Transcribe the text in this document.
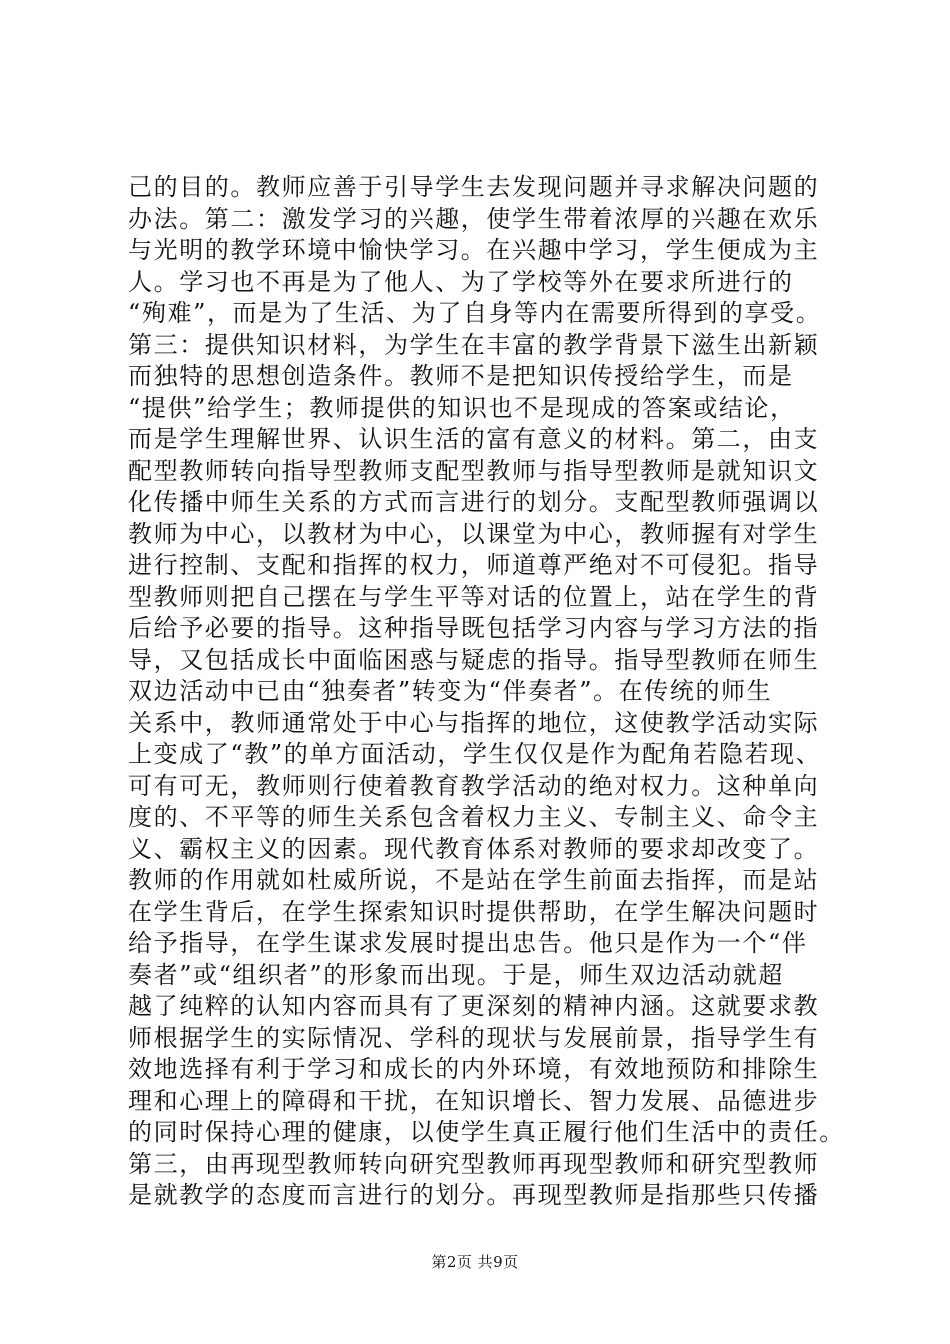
己的目的。教师应善于引导学生去发现问题并寻求解决问题的
办法。第二：激发学习的兴趣，使学生带着浓厚的兴趣在欢乐
与光明的教学环境中愉快学习。在兴趣中学习，学生便成为主
人。学习也不再是为了他人、为了学校等外在要求所进行的
“殉难”，而是为了生活、为了自身等内在需要所得到的享受。
第三：提供知识材料，为学生在丰富的教学背景下滋生出新颖
而独特的思想创造条件。教师不是把知识传授给学生，而是
“提供”给学生；教师提供的知识也不是现成的答案或结论，
而是学生理解世界、认识生活的富有意义的材料。第二，由支
配型教师转向指导型教师支配型教师与指导型教师是就知识文
化传播中师生关系的方式而言进行的划分。支配型教师强调以
教师为中心，以教材为中心，以课堂为中心，教师握有对学生
进行控制、支配和指挥的权力，师道尊严绝对不可侵犯。指导
型教师则把自己摆在与学生平等对话的位置上，站在学生的背
后给予必要的指导。这种指导既包括学习内容与学习方法的指
导，又包括成长中面临困惑与疑虑的指导。指导型教师在师生
双边活动中已由“独奏者”转变为“伴奏者”。在传统的师生
关系中，教师通常处于中心与指挥的地位，这使教学活动实际
上变成了“教”的单方面活动，学生仅仅是作为配角若隐若现、
可有可无，教师则行使着教育教学活动的绝对权力。这种单向
度的、不平等的师生关系包含着权力主义、专制主义、命令主
义、霸权主义的因素。现代教育体系对教师的要求却改变了。
教师的作用就如杜威所说，不是站在学生前面去指挥，而是站
在学生背后，在学生探索知识时提供帮助，在学生解决问题时
给予指导，在学生谋求发展时提出忠告。他只是作为一个“伴
奏者”或“组织者”的形象而出现。于是，师生双边活动就超
越了纯粹的认知内容而具有了更深刻的精神内涵。这就要求教
师根据学生的实际情况、学科的现状与发展前景，指导学生有
效地选择有利于学习和成长的内外环境，有效地预防和排除生
理和心理上的障碍和干扰，在知识增长、智力发展、品德进步
的同时保持心理的健康，以使学生真正履行他们生活中的责任。
第三，由再现型教师转向研究型教师再现型教师和研究型教师
是就教学的态度而言进行的划分。再现型教师是指那些只传播
第2页 共9页
